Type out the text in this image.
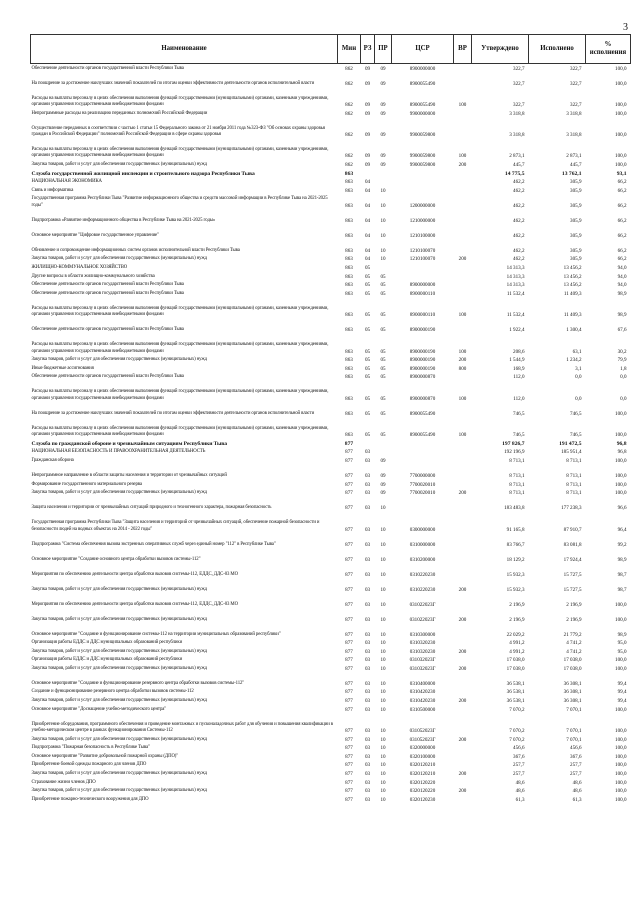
3
Наименование	Мин	РЗ	ПР	ЦСР	ВР	Утверждено	Исполнено	% исполнения
Обеспечение деятельности органов государственной власти Республики Тыва	862	09	09	8900000000		322,7	322,7	100,0
На поощрение за достижение наилучших значений показателей по итогам оценки эффективности деятельности органов исполнительной власти	862	09	09	8900055490		322,7	322,7	100,0
Расходы на выплаты персоналу в целях обеспечения выполнения функций государственными (муниципальными) органами, казенными учреждениями, органами управления государственными внебюджетными фондами	862	09	09	8900055490	100	322,7	322,7	100,0
Непрограммные расходы на реализацию переданных полномочий Российской Федерации	862	09	09	9900000000		3 318,8	3 318,8	100,0
Осуществление переданных в соответствии с частью 1 статьи 15 Федерального закона от 21 ноября 2011 года №323-ФЗ "Об основах охраны здоровья граждан в Российской Федерации" полномочий Российской Федерации в сфере охраны здоровья	862	09	09	9900059800		3 318,8	3 318,8	100,0
Расходы на выплаты персоналу в целях обеспечения выполнения функций государственными (муниципальными) органами, казенными учреждениями, органами управления государственными внебюджетными фондами	862	09	09	9900059800	100	2 873,1	2 873,1	100,0
Закупка товаров, работ и услуг для обеспечения государственных (муниципальных) нужд	862	09	09	9900059800	200	445,7	445,7	100,0
Служба государственной жилищной инспекции и строительного надзора Республики Тыва	863					14 775,5	13 762,1	93,1
НАЦИОНАЛЬНАЯ ЭКОНОМИКА	863	04				462,2	305,9	66,2
Связь и информатика	863	04	10			462,2	305,9	66,2
Государственная программа Республики Тыва "Развитие информационного общества и средств массовой информации в Республике Тыва на 2021-2025 годы"	863	04	10	1200000000		462,2	305,9	66,2
Подпрограмма «Развитие информационного общества в Республике Тыва на 2021-2025 годы»	863	04	10	1210000000		462,2	305,9	66,2
Основное мероприятие "Цифровое государственное управление"	863	04	10	1210100000		462,2	305,9	66,2
Обновление и сопровождение информационных систем органов исполнительной власти Республики Тыва	863	04	10	1210100070		462,2	305,9	66,2
Закупка товаров, работ и услуг для обеспечения государственных (муниципальных) нужд	863	04	10	1210100070	200	462,2	305,9	66,2
ЖИЛИЩНО-КОММУНАЛЬНОЕ ХОЗЯЙСТВО	863	05				14 313,3	13 456,2	94,0
Другие вопросы в области жилищно-коммунального хозяйства	863	05	05			14 313,3	13 456,2	94,0
Обеспечение деятельности органов государственной власти Республики Тыва	863	05	05	8900000000		14 313,3	13 456,2	94,0
Обеспечение деятельности органов государственной власти Республики Тыва	863	05	05	8900000110		11 532,4	11 409,3	98,9
Расходы на выплаты персоналу в целях обеспечения выполнения функций государственными (муниципальными) органами, казенными учреждениями, органами управления государственными внебюджетными фондами	863	05	05	8900000110	100	11 532,4	11 409,3	98,9
Обеспечение деятельности органов государственной власти Республики Тыва	863	05	05	8900000190		1 922,4	1 300,4	67,6
Расходы на выплаты персоналу в целях обеспечения выполнения функций государственными (муниципальными) органами, казенными учреждениями, органами управления государственными внебюджетными фондами	863	05	05	8900000190	100	208,6	63,1	30,2
Закупка товаров, работ и услуг для обеспечения государственных (муниципальных) нужд	863	05	05	8900000190	200	1 544,9	1 234,2	79,9
Иные бюджетные ассигнования	863	05	05	8900000190	800	168,9	3,1	1,8
Обеспечение деятельности органов государственной власти Республики Тыва	863	05	05	8900000870		112,0	0,0	0,0
Расходы на выплаты персоналу в целях обеспечения выполнения функций государственными (муниципальными) органами, казенными учреждениями, органами управления государственными внебюджетными фондами	863	05	05	8900000870	100	112,0	0,0	0,0
На поощрение за достижение наилучших значений показателей по итогам оценки эффективности деятельности органов исполнительной власти	863	05	05	8900055490		746,5	746,5	100,0
Расходы на выплаты персоналу в целях обеспечения выполнения функций государственными (муниципальными) органами, казенными учреждениями, органами управления государственными внебюджетными фондами	863	05	05	8900055490	100	746,5	746,5	100,0
Служба по гражданской обороне и чрезвычайным ситуациям Республики Тыва	877					197 826,7	191 472,5	96,8
НАЦИОНАЛЬНАЯ БЕЗОПАСНОСТЬ И ПРАВООХРАНИТЕЛЬНАЯ ДЕЯТЕЛЬНОСТЬ	877	03				192 196,9	185 951,4	96,8
Гражданская оборона	877	03	09			8 713,1	8 713,1	100,0
Непрограммное направление в области защиты населения и территории от чрезвычайных ситуаций	877	03	09	7700000000		8 713,1	8 713,1	100,0
Формирование государственного материального резерва	877	03	09	7700020010		8 713,1	8 713,1	100,0
Закупка товаров, работ и услуг для обеспечения государственных (муниципальных) нужд	877	03	09	7700020010	200	8 713,1	8 713,1	100,0
Защита населения и территории от чрезвычайных ситуаций природного и техногенного характера, пожарная безопасность	877	03	10			183 483,8	177 238,3	96,6
Государственная программа Республики Тыва "Защита населения и территорий от чрезвычайных ситуаций, обеспечение пожарной безопасности и безопасности людей на водных объектах на 2014 - 2022 годы"	877	03	10	0300000000		91 165,8	87 910,7	96,4
Подпрограмма "Система обеспечения вызова экстренных оперативных служб через единый номер "112" в Республике Тыва"	877	03	10	0310000000		83 766,7	83 081,8	99,2
Основное мероприятие "Создание основного центра обработки вызовов системы-112"	877	03	10	0310200000		18 129,2	17 924,4	98,9
Мероприятия по обеспечению деятельности центра обработки вызовов системы-112, ЕДДС, ДДС-03 МО	877	03	10	0310220230		15 932,3	15 727,5	98,7
Закупка товаров, работ и услуг для обеспечения государственных (муниципальных) нужд	877	03	10	0310220230	200	15 932,3	15 727,5	98,7
Мероприятия по обеспечению деятельности центра обработки вызовов системы-112, ЕДДС, ДДС-03 МО	877	03	10	031022023Г		2 196,9	2 196,9	100,0
Закупка товаров, работ и услуг для обеспечения государственных (муниципальных) нужд	877	03	10	031022023Г	200	2 196,9	2 196,9	100,0
Основное мероприятие "Создание и функционирование системы-112 на территории муниципальных образований республики"	877	03	10	0310300000		22 029,2	21 779,2	98,9
Организация работы ЕДДС и ДДС муниципальных образований республики	877	03	10	0310320230		4 991,2	4 741,2	95,0
Закупка товаров, работ и услуг для обеспечения государственных (муниципальных) нужд	877	03	10	0310320230	200	4 991,2	4 741,2	95,0
Организация работы ЕДДС и ДДС муниципальных образований республики	877	03	10	031032023Г		17 038,0	17 038,0	100,0
Закупка товаров, работ и услуг для обеспечения государственных (муниципальных) нужд	877	03	10	031032023Г	200	17 038,0	17 038,0	100,0
Основное мероприятие "Создание и функционирование резервного центра обработки вызовов системы-112"	877	03	10	0310400000		36 538,1	36 308,1	99,4
Создание и функционирование резервного центра обработки вызовов системы-112	877	03	10	0310420230		36 538,1	36 308,1	99,4
Закупка товаров, работ и услуг для обеспечения государственных (муниципальных) нужд	877	03	10	0310420230	200	36 538,1	36 308,1	99,4
Основное мероприятие "Доснащение учебно-методического центра"	877	03	10	0310500000		7 070,2	7 070,1	100,0
Приобретение оборудования, программного обеспечения и проведение монтажных и пусконаладочных работ для обучения и повышения квалификации в учебно-методическом центре в рамках функционирования Системы-112	877	03	10	031052023Г		7 070,2	7 070,1	100,0
Закупка товаров, работ и услуг для обеспечения государственных (муниципальных) нужд	877	03	10	031052023Г	200	7 070,2	7 070,1	100,0
Подпрограмма "Пожарная безопасность в Республике Тыва"	877	03	10	0320000000		456,6	456,6	100,0
Основное мероприятие "Развитие добровольной пожарной охраны (ДПО)"	877	03	10	0320100000		367,6	367,6	100,0
Приобретение боевой одежды пожарного для членов ДПО	877	03	10	0320120210		257,7	257,7	100,0
Закупка товаров, работ и услуг для обеспечения государственных (муниципальных) нужд	877	03	10	0320120210	200	257,7	257,7	100,0
Страхование жизни членов ДПО	877	03	10	0320120220		48,6	48,6	100,0
Закупка товаров, работ и услуг для обеспечения государственных (муниципальных) нужд	877	03	10	0320120220	200	48,6	48,6	100,0
Приобретение пожарно-технического вооружения для ДПО	877	03	10	0320120230		61,3	61,3	100,0
